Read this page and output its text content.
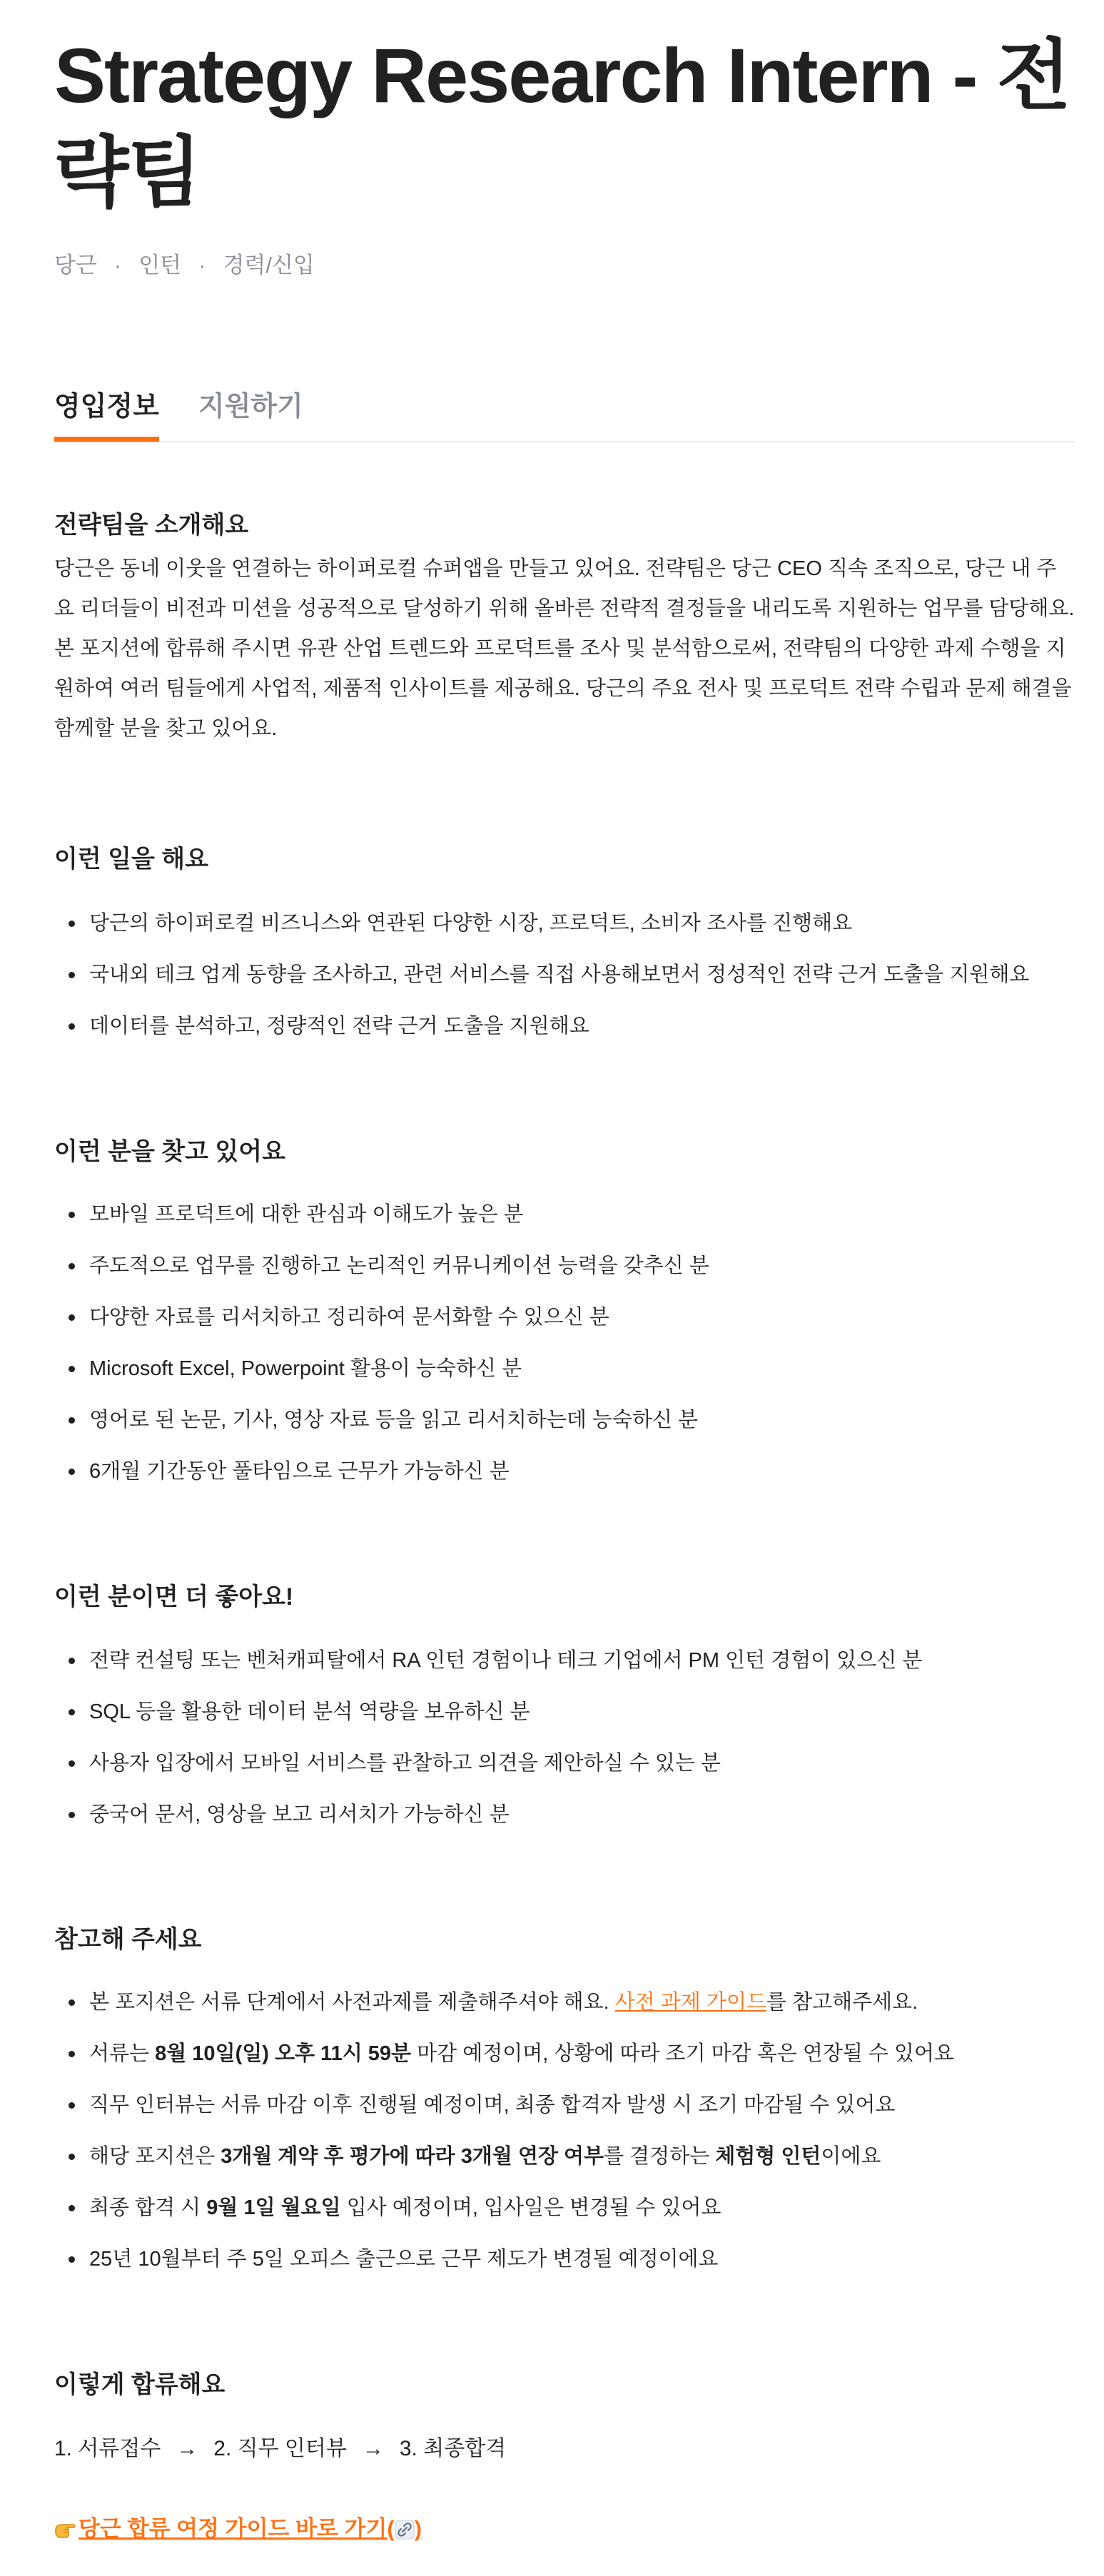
Strategy Research Intern - 전략팀
당근 · 인턴 · 경력/신입
영입정보 지원하기
전략팀을 소개해요

당근은 동네 이웃을 연결하는 하이퍼로컬 슈퍼앱을 만들고 있어요. 전략팀은 당근 CEO 직속 조직으로, 당근 내 주요 리더들이 비전과 미션을 성공적으로 달성하기 위해 올바른 전략적 결정들을 내리도록 지원하는 업무를 담당해요. 본 포지션에 합류해 주시면 유관 산업 트렌드와 프로덕트를 조사 및 분석함으로써, 전략팀의 다양한 과제 수행을 지원하여 여러 팀들에게 사업적, 제품적 인사이트를 제공해요. 당근의 주요 전사 및 프로덕트 전략 수립과 문제 해결을 함께할 분을 찾고 있어요.

이런 일을 해요
당근의 하이퍼로컬 비즈니스와 연관된 다양한 시장, 프로덕트, 소비자 조사를 진행해요
국내외 테크 업계 동향을 조사하고, 관련 서비스를 직접 사용해보면서 정성적인 전략 근거 도출을 지원해요
데이터를 분석하고, 정량적인 전략 근거 도출을 지원해요
이런 분을 찾고 있어요
모바일 프로덕트에 대한 관심과 이해도가 높은 분
주도적으로 업무를 진행하고 논리적인 커뮤니케이션 능력을 갖추신 분
다양한 자료를 리서치하고 정리하여 문서화할 수 있으신 분
Microsoft Excel, Powerpoint 활용이 능숙하신 분
영어로 된 논문, 기사, 영상 자료 등을 읽고 리서치하는데 능숙하신 분
6개월 기간동안 풀타임으로 근무가 가능하신 분
이런 분이면 더 좋아요!
전략 컨설팅 또는 벤처캐피탈에서 RA 인턴 경험이나 테크 기업에서 PM 인턴 경험이 있으신 분
SQL 등을 활용한 데이터 분석 역량을 보유하신 분
사용자 입장에서 모바일 서비스를 관찰하고 의견을 제안하실 수 있는 분
중국어 문서, 영상을 보고 리서치가 가능하신 분
참고해 주세요
본 포지션은 서류 단계에서 사전과제를 제출해주셔야 해요. 사전 과제 가이드를 참고해주세요.
서류는 8월 10일(일) 오후 11시 59분 마감 예정이며, 상황에 따라 조기 마감 혹은 연장될 수 있어요
직무 인터뷰는 서류 마감 이후 진행될 예정이며, 최종 합격자 발생 시 조기 마감될 수 있어요
해당 포지션은 3개월 계약 후 평가에 따라 3개월 연장 여부를 결정하는 체험형 인턴이에요
최종 합격 시 9월 1일 월요일 입사 예정이며, 입사일은 변경될 수 있어요
25년 10월부터 주 5일 오피스 출근으로 근무 제도가 변경될 예정이에요
이렇게 합류해요
1. 서류접수 → 2. 직무 인터뷰 → 3. 최종합격
당근 합류 여정 가이드 바로 가기( )
